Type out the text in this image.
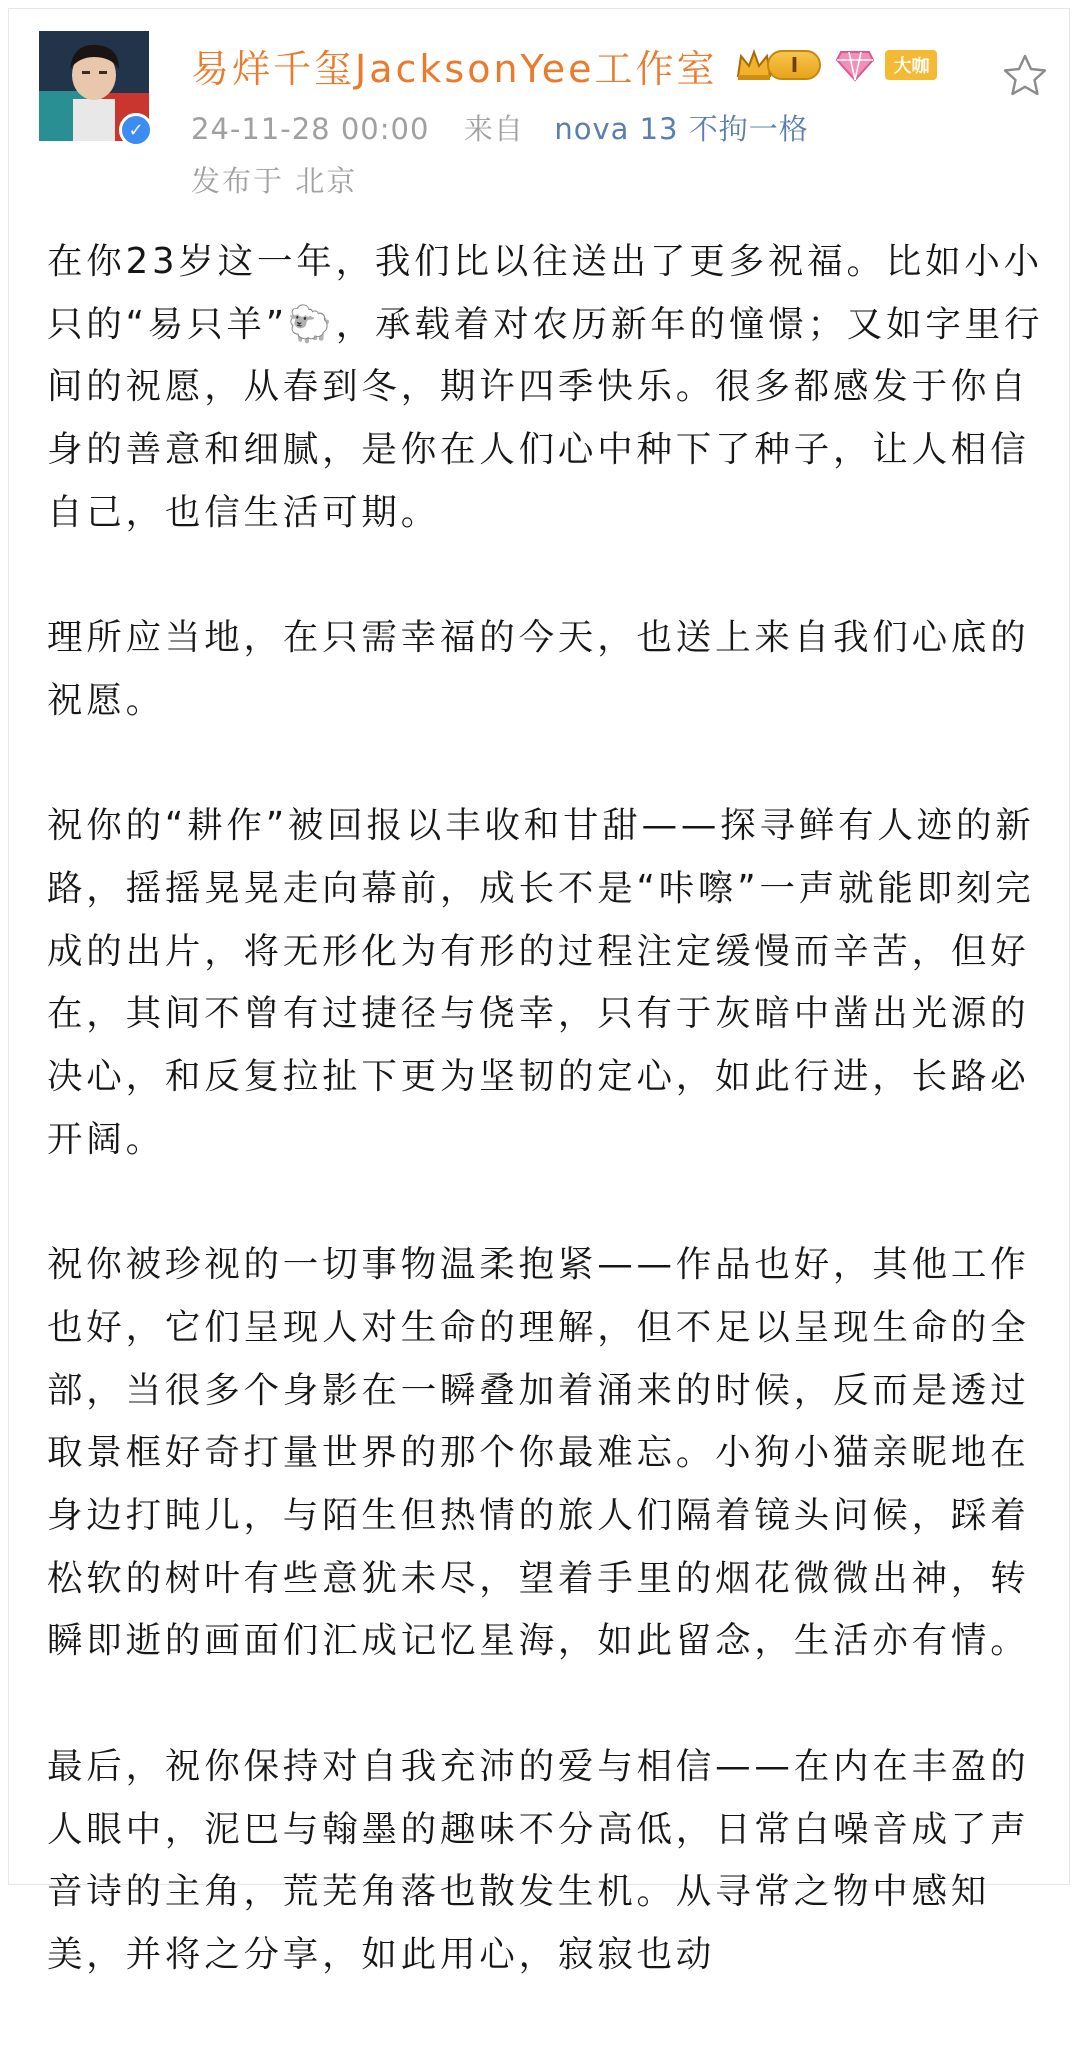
✓
易烊千玺JacksonYee工作室	I	大咖
24-11-28 00:00 来自 nova 13 不拘一格
发布于 北京

在你23岁这一年，我们比以往送出了更多祝福。比如小小只的“易只羊”🐑，承载着对农历新年的憧憬；又如字里行间的祝愿，从春到冬，期许四季快乐。很多都感发于你自身的善意和细腻，是你在人们心中种下了种子，让人相信自己，也信生活可期。

理所应当地，在只需幸福的今天，也送上来自我们心底的祝愿。

祝你的“耕作”被回报以丰收和甘甜——探寻鲜有人迹的新路，摇摇晃晃走向幕前，成长不是“咔嚓”一声就能即刻完成的出片，将无形化为有形的过程注定缓慢而辛苦，但好在，其间不曾有过捷径与侥幸，只有于灰暗中凿出光源的决心，和反复拉扯下更为坚韧的定心，如此行进，长路必开阔。

祝你被珍视的一切事物温柔抱紧——作品也好，其他工作也好，它们呈现人对生命的理解，但不足以呈现生命的全部，当很多个身影在一瞬叠加着涌来的时候，反而是透过取景框好奇打量世界的那个你最难忘。小狗小猫亲昵地在身边打盹儿，与陌生但热情的旅人们隔着镜头问候，踩着松软的树叶有些意犹未尽，望着手里的烟花微微出神，转瞬即逝的画面们汇成记忆星海，如此留念，生活亦有情。

最后，祝你保持对自我充沛的爱与相信——在内在丰盈的人眼中，泥巴与翰墨的趣味不分高低，日常白噪音成了声音诗的主角，荒芜角落也散发生机。从寻常之物中感知美，并将之分享，如此用心，寂寂也动
